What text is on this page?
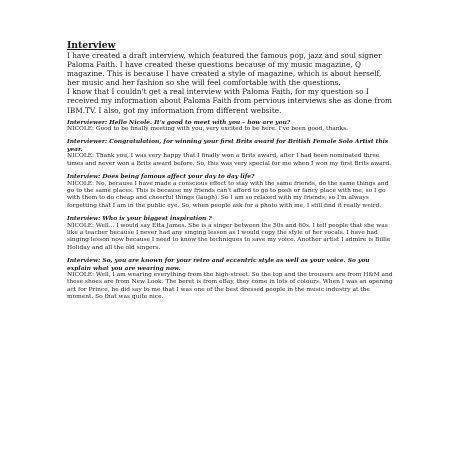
Interview

I have created a draft interview, which featured the famous pop, jazz and soul signer Paloma Faith. I have created these questions because of my music magazine, Q magazine. This is because I have created a style of magazine, which is about herself, her music and her fashion so she will feel comfortable with the questions.

I know that I couldn't get a real interview with Paloma Faith, for my question so I received my information about Paloma Faith from pervious interviews she as done from IBM.TV. I also, got my information from different website.

Interviewer: Hello Nicole. It's good to meet with you – how are you?

NICOLE: Good to be finally meeting with you, very excited to be here. I've been good, thanks.

Interviewer: Congratulation, for winning your first Brits award for British Female Solo Artist this year.

NICOLE: Thank you, I was very happy that I finally won a Brits award, after I had been nominated three times and never won a Brits award before. So, this was very special for me when I won my first Brits award.

Interview: Does being famous affect your day to day life?

NICOLE: No, because I have made a conscious effect to stay with the same friends, do the same things and go to the same places. This is because my friends can't afford to go to posh or fancy place with me, so I go with them to do cheap and cheerful things (laugh). So I am so relaxed with my friends, so I'm always forgetting that I am in the public eye. So, when people ask for a photo with me, I still find it really weird.

Interview: Who is your biggest inspiration ?

NICOLE: Well... I would say Etta James. She is a singer between the 50s and 60s. I tell people that she was like a teacher because I never had any singing lesson as I would copy the style of her vocals. I have had singing lesson now because I need to know the techniques to save my voice. Another artist I admire is Billie Holiday and all the old singers.

Interview: So, you are known for your retro and eccentric style as well as your voice. So you explain what you are wearing now.

NICOLE: Well, I am wearing everything from the high-street. So the top and the trousers are from H&M and these shoes are from New Look. The beret is from eBay, they come in lots of colours. When I was an opening act for Prince, he did say to me that I was one of the best dressed people in the music industry at the moment. So that was quite nice.
